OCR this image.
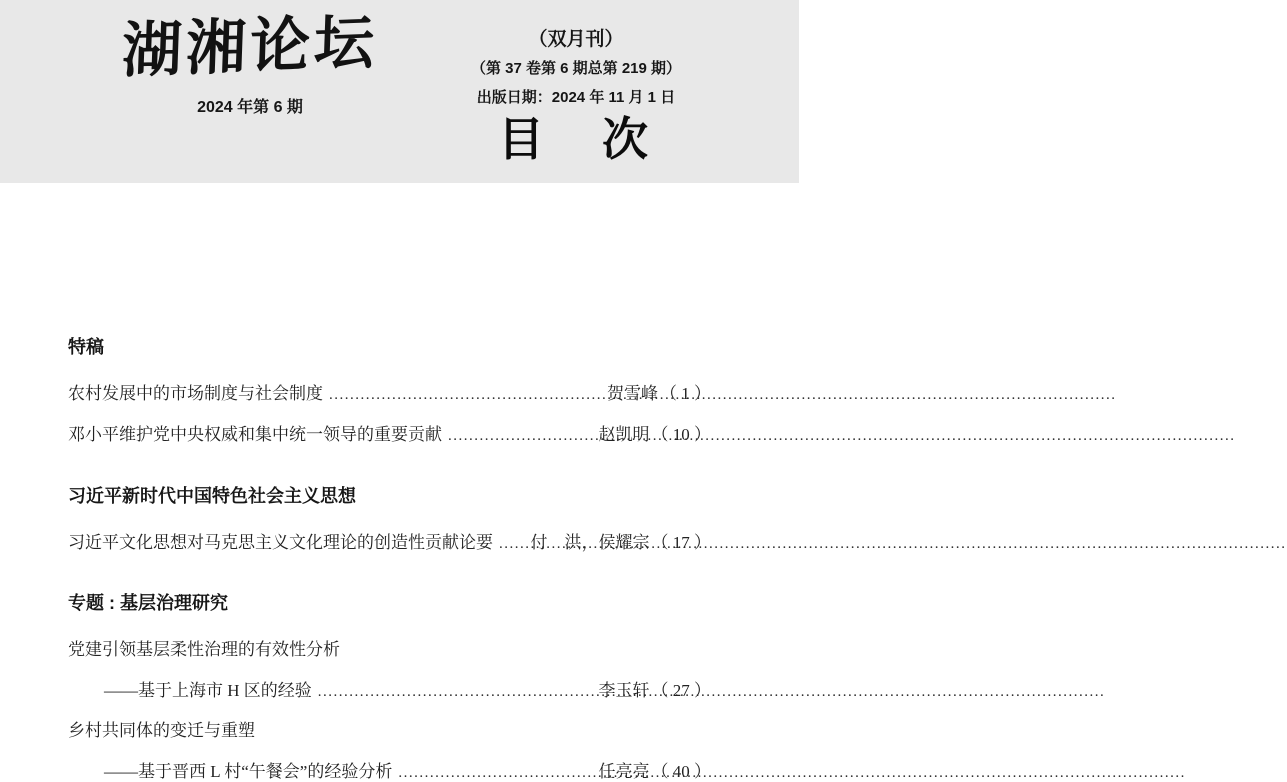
湖湘论坛
2024 年第 6 期
（双月刊）
（第 37 卷第 6 期总第 219 期）
出版日期：2024 年 11 月 1 日
目　次
特稿
农村发展中的市场制度与社会制度 .....	贺雪峰 （ 1 ）
邓小平维护党中央权威和集中统一领导的重要贡献 .....	赵凯明 （ 10 ）
习近平新时代中国特色社会主义思想
习近平文化思想对马克思主义文化理论的创造性贡献论要 ..... 付　洪，侯耀宗 （ 17 ）
专题 : 基层治理研究
党建引领基层柔性治理的有效性分析
——基于上海市 H 区的经验 .....	李玉轩 （ 27 ）
乡村共同体的变迁与重塑
——基于晋西 L 村“午餐会”的经验分析 .....	任亮亮 （ 40 ）
